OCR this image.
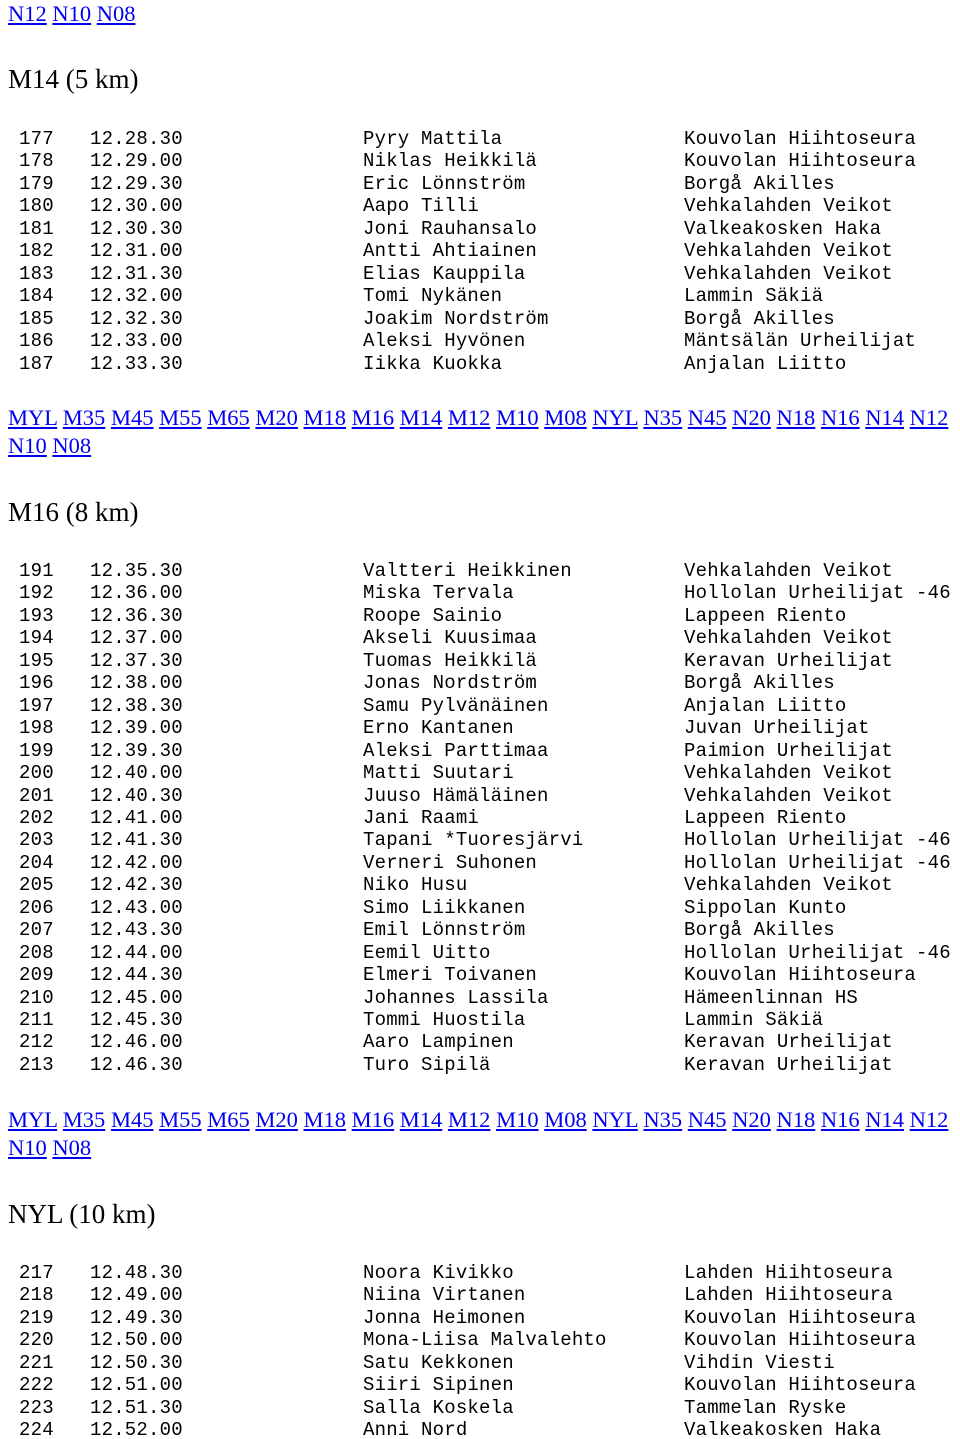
N12 N10 N08
M14 (5 km)
MYL M35 M45 M55 M65 M20 M18 M16 M14 M12 M10 M08 NYL N35 N45 N20 N18 N16 N14 N12 N10 N08
M16 (8 km)
MYL M35 M45 M55 M65 M20 M18 M16 M14 M12 M10 M08 NYL N35 N45 N20 N18 N16 N14 N12 N10 N08
NYL (10 km)
177 12.28.30	Pyry Mattila	Kouvolan Hiihtoseura
178 12.29.00	Niklas Heikkilä	Kouvolan Hiihtoseura
179 12.29.30	Eric Lönnström	Borgå Akilles
180 12.30.00	Aapo Tilli	Vehkalahden Veikot
181 12.30.30	Joni Rauhansalo	Valkeakosken Haka
182 12.31.00	Antti Ahtiainen	Vehkalahden Veikot
183 12.31.30	Elias Kauppila	Vehkalahden Veikot
184 12.32.00	Tomi Nykänen	Lammin Säkiä
185 12.32.30	Joakim Nordström	Borgå Akilles
186 12.33.00	Aleksi Hyvönen	Mäntsälän Urheilijat
187 12.33.30	Iikka Kuokka	Anjalan Liitto
191 12.35.30	Valtteri Heikkinen	Vehkalahden Veikot
192 12.36.00	Miska Tervala	Hollolan Urheilijat -46
193 12.36.30	Roope Sainio	Lappeen Riento
194 12.37.00	Akseli Kuusimaa	Vehkalahden Veikot
195 12.37.30	Tuomas Heikkilä	Keravan Urheilijat
196 12.38.00	Jonas Nordström	Borgå Akilles
197 12.38.30	Samu Pylvänäinen	Anjalan Liitto
198 12.39.00	Erno Kantanen	Juvan Urheilijat
199 12.39.30	Aleksi Parttimaa	Paimion Urheilijat
200 12.40.00	Matti Suutari	Vehkalahden Veikot
201 12.40.30	Juuso Hämäläinen	Vehkalahden Veikot
202 12.41.00	Jani Raami	Lappeen Riento
203 12.41.30	Tapani *Tuoresjärvi	Hollolan Urheilijat -46
204 12.42.00	Verneri Suhonen	Hollolan Urheilijat -46
205 12.42.30	Niko Husu	Vehkalahden Veikot
206 12.43.00	Simo Liikkanen	Sippolan Kunto
207 12.43.30	Emil Lönnström	Borgå Akilles
208 12.44.00	Eemil Uitto	Hollolan Urheilijat -46
209 12.44.30	Elmeri Toivanen	Kouvolan Hiihtoseura
210 12.45.00	Johannes Lassila	Hämeenlinnan HS
211 12.45.30	Tommi Huostila	Lammin Säkiä
212 12.46.00	Aaro Lampinen	Keravan Urheilijat
213 12.46.30	Turo Sipilä	Keravan Urheilijat
217 12.48.30	Noora Kivikko	Lahden Hiihtoseura
218 12.49.00	Niina Virtanen	Lahden Hiihtoseura
219 12.49.30	Jonna Heimonen	Kouvolan Hiihtoseura
220 12.50.00	Mona-Liisa Malvalehto	Kouvolan Hiihtoseura
221 12.50.30	Satu Kekkonen	Vihdin Viesti
222 12.51.00	Siiri Sipinen	Kouvolan Hiihtoseura
223 12.51.30	Salla Koskela	Tammelan Ryske
224 12.52.00	Anni Nord	Valkeakosken Haka
